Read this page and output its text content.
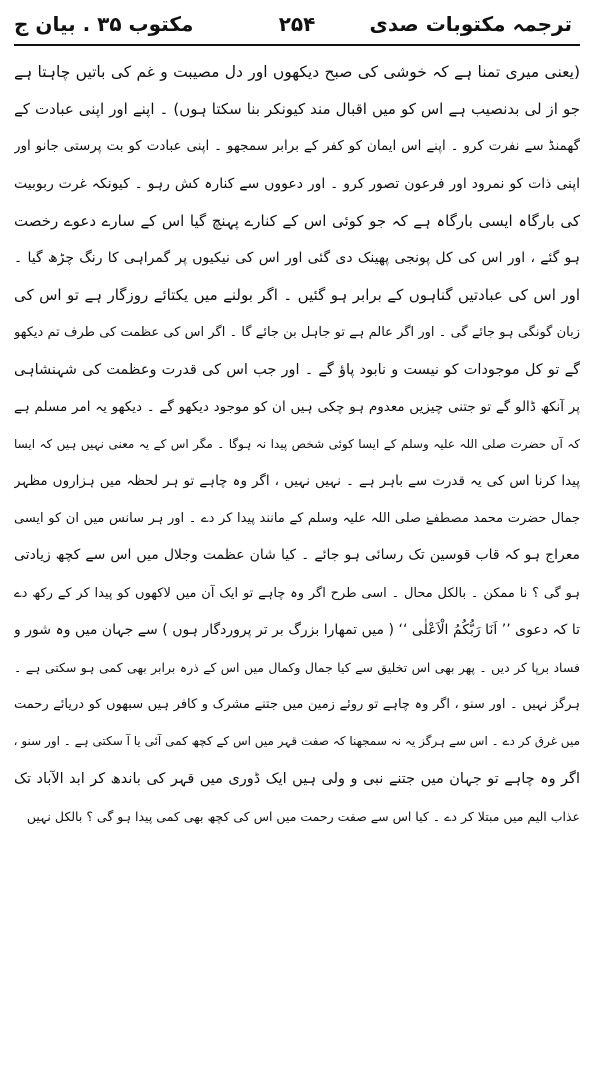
ترجمہ مکتوبات صدی
۲۵۴
مکتوب ۳۵ . بیان ج
(یعنی میری تمنا ہے کہ خوشی کی صبح دیکھوں اور دل مصیبت و غم کی باتیں چاہتا ہے
جو از لی بدنصیب ہے اس کو میں اقبال مند کیونکر بنا سکتا ہوں) ۔ اپنے اور اپنی عبادت کے
گھمنڈ سے نفرت کرو ۔ اپنے اس ایمان کو کفر کے برابر سمجھو ۔ اپنی عبادت کو بت پرستی جانو اور
اپنی ذات کو نمرود اور فرعون تصور کرو ۔ اور دعووں سے کنارہ کش رہو ۔ کیونکہ غرت ربوبیت
کی بارگاہ ایسی بارگاہ ہے کہ جو کوئی اس کے کنارے پہنچ گیا اس کے سارے دعوے رخصت
ہو گئے ، اور اس کی کل پونجی پھینک دی گئی اور اس کی نیکیوں پر گمراہی کا رنگ چڑھ گیا ۔
اور اس کی عبادتیں گناہوں کے برابر ہو گئیں ۔ اگر بولنے میں یکتائے روزگار ہے تو اس کی
زبان گونگی ہو جائے گی ۔ اور اگر عالم ہے تو جاہل بن جائے گا ۔ اگر اس کی عظمت کی طرف تم دیکھو
گے تو کل موجودات کو نیست و نابود پاؤ گے ۔ اور جب اس کی قدرت وعظمت کی شہنشاہی
پر آنکھ ڈالو گے تو جتنی چیزیں معدوم ہو چکی ہیں ان کو موجود دیکھو گے ۔ دیکھو یہ امر مسلم ہے
کہ آں حضرت صلی اللہ علیہ وسلم کے ایسا کوئی شخص پیدا نہ ہوگا ۔ مگر اس کے یہ معنی نہیں ہیں کہ ایسا
پیدا کرنا اس کی یہ قدرت سے باہر ہے ۔ نہیں نہیں ، اگر وہ چاہے تو ہر لحظہ میں ہزاروں مظہر
جمال حضرت محمد مصطفےٰ صلی اللہ علیہ وسلم کے مانند پیدا کر دے ۔ اور ہر سانس میں ان کو ایسی
معراج ہو کہ قاب قوسین تک رسائی ہو جائے ۔ کیا شان عظمت وجلال میں اس سے کچھ زیادتی
ہو گی ؟ نا ممکن ۔ بالکل محال ۔ اسی طرح اگر وہ چاہے تو ایک آن میں لاکھوں کو پیدا کر کے رکھ دے
تا کہ دعوی ’’ اَنَا رَبُّکُمُ الْاَعْلٰی ‘‘ ( میں تمھارا بزرگ بر تر پروردگار ہوں ) سے جہان میں وہ شور و
فساد برپا کر دیں ۔ پھر بھی اس تخلیق سے کیا جمال وکمال میں اس کے ذرہ برابر بھی کمی ہو سکتی ہے ۔
ہرگز نہیں ۔ اور سنو ، اگر وہ چاہے تو روئے زمین میں جتنے مشرک و کافر ہیں سبھوں کو دریائے رحمت
میں غرق کر دے ۔ اس سے ہرگز یہ نہ سمجھنا کہ صفت قہر میں اس کے کچھ کمی آئی یا آ سکتی ہے ۔ اور سنو ،
اگر وہ چاہے تو جہان میں جتنے نبی و ولی ہیں ایک ڈوری میں قہر کی باندھ کر ابد الآباد تک
عذاب الیم میں مبتلا کر دے ۔ کیا اس سے صفت رحمت میں اس کی کچھ بھی کمی پیدا ہو گی ؟ بالکل نہیں
